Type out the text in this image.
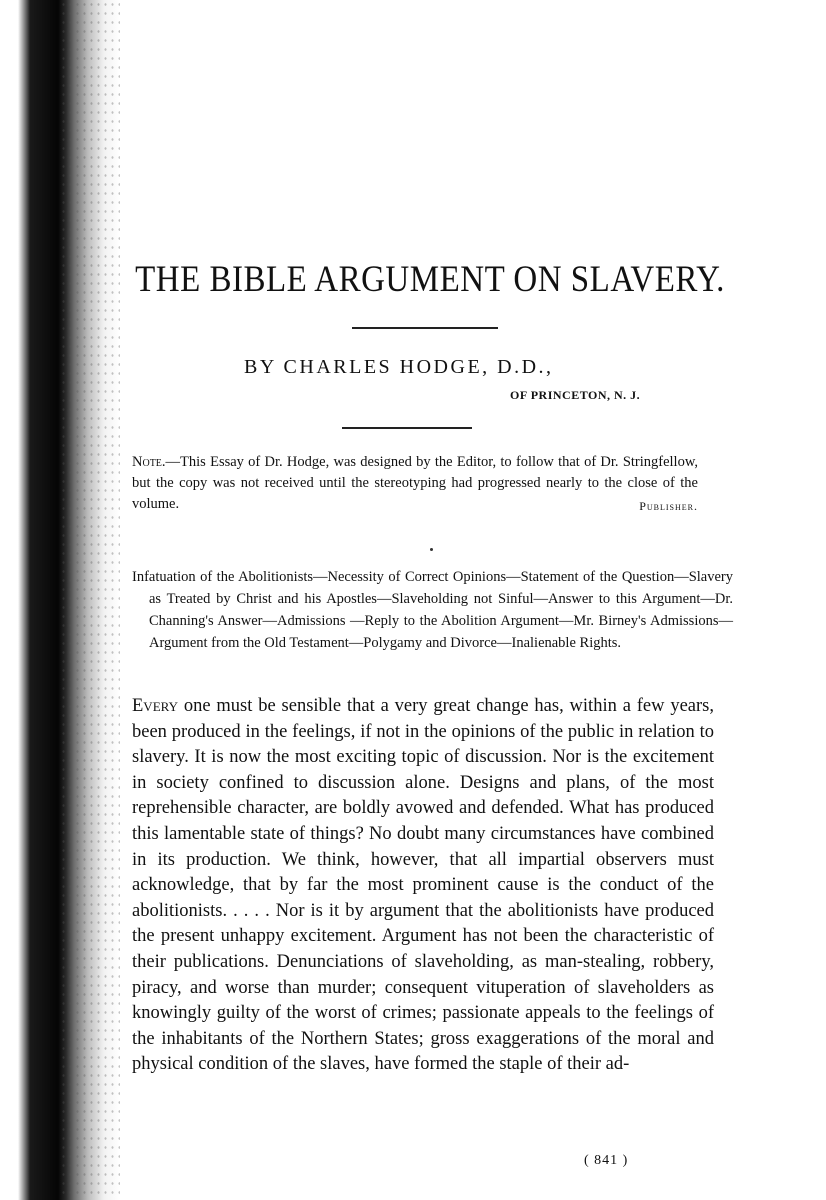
THE BIBLE ARGUMENT ON SLAVERY.
BY CHARLES HODGE, D.D.,
OF PRINCETON, N. J.
Note.—This Essay of Dr. Hodge, was designed by the Editor, to follow that of Dr. Stringfellow, but the copy was not received until the stereotyping had progressed nearly to the close of the volume.	Publisher.
Infatuation of the Abolitionists—Necessity of Correct Opinions—Statement of the Question—Slavery as Treated by Christ and his Apostles—Slaveholding not Sinful—Answer to this Argument—Dr. Channing's Answer—Admissions —Reply to the Abolition Argument—Mr. Birney's Admissions—Argument from the Old Testament—Polygamy and Divorce—Inalienable Rights.
Every one must be sensible that a very great change has, within a few years, been produced in the feelings, if not in the opinions of the public in relation to slavery. It is now the most exciting topic of discussion. Nor is the excitement in society confined to discussion alone. Designs and plans, of the most reprehensible character, are boldly avowed and defended. What has produced this lamentable state of things? No doubt many circumstances have combined in its production. We think, however, that all impartial observers must acknowledge, that by far the most prominent cause is the conduct of the abolitionists. . . . . Nor is it by argument that the abolitionists have produced the present unhappy excitement. Argument has not been the characteristic of their publications. Denunciations of slaveholding, as man-stealing, robbery, piracy, and worse than murder; consequent vituperation of slaveholders as knowingly guilty of the worst of crimes; passionate appeals to the feelings of the inhabitants of the Northern States; gross exaggerations of the moral and physical condition of the slaves, have formed the staple of their ad-
( 841 )
